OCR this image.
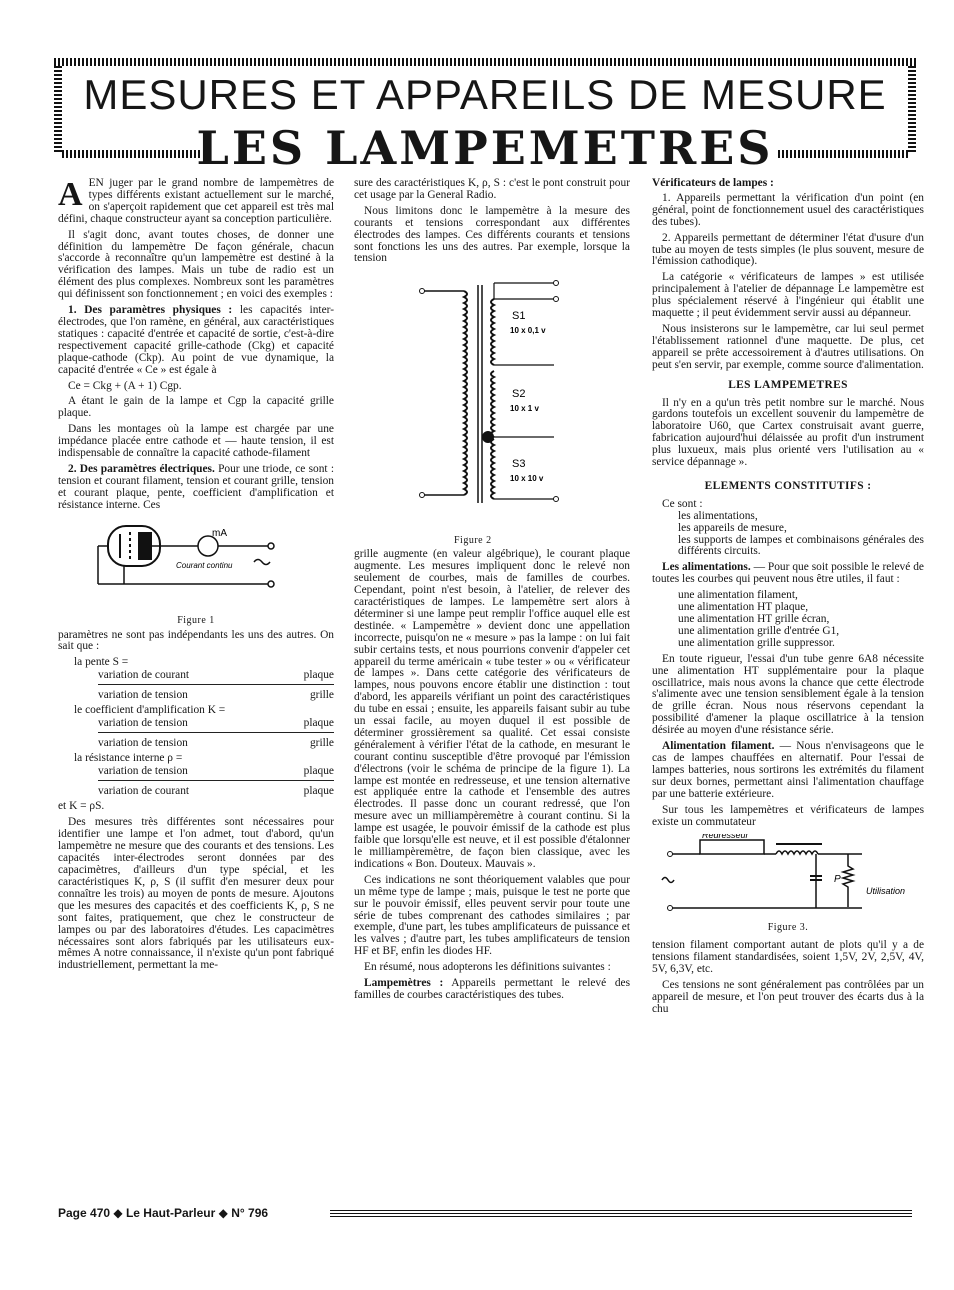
MESURES ET APPAREILS DE MESURE
LES LAMPEMETRES

AEN juger par le grand nombre de lampemètres de types différents existant actuellement sur le marché, on s'aperçoit rapidement que cet appareil est très mal défini, chaque constructeur ayant sa conception particulière.

Il s'agit donc, avant toutes choses, de donner une définition du lampemètre De façon générale, chacun s'accorde à reconnaître qu'un lampemètre est destiné à la vérification des lampes. Mais un tube de radio est un élément des plus complexes. Nombreux sont les paramètres qui définissent son fonctionnement ; en voici des exemples :

1. Des paramètres physiques : les capacités inter-électrodes, que l'on ramène, en général, aux caractéristiques statiques : capacité d'entrée et capacité de sortie, c'est-à-dire respectivement capacité grille-cathode (Ckg) et capacité plaque-cathode (Ckp). Au point de vue dynamique, la capacité d'entrée « Ce » est égale à

Ce = Ckg + (A + 1) Cgp.

A étant le gain de la lampe et Cgp la capacité grille plaque.

Dans les montages où la lampe est chargée par une impédance placée entre cathode et — haute tension, il est indispensable de connaître la capacité cathode-filament

2. Des paramètres électriques. Pour une triode, ce sont : tension et courant filament, tension et courant grille, tension et courant plaque, pente, coefficient d'amplification et résistance interne. Ces

mA
Courant continu
Figure 1

paramètres ne sont pas indépendants les uns des autres. On sait que :

la pente S =
variation de courant	plaque
variation de tension	grille
le coefficient d'amplification K =
variation de tension	plaque
variation de tension	grille
la résistance interne ρ =
variation de tension	plaque
variation de courant	plaque
et K = ρS.

Des mesures très différentes sont nécessaires pour identifier une lampe et l'on admet, tout d'abord, qu'un lampemètre ne mesure que des courants et des tensions. Les capacités inter-électrodes seront données par des capacimètres, d'ailleurs d'un type spécial, et les caractéristiques K, ρ, S (il suffit d'en mesurer deux pour connaître les trois) au moyen de ponts de mesure. Ajoutons que les mesures des capacités et des coefficients K, ρ, S ne sont faites, pratiquement, que chez le constructeur de lampes ou par des laboratoires d'études. Les capacimètres nécessaires sont alors fabriqués par les utilisateurs eux-mêmes A notre connaissance, il n'existe qu'un pont fabriqué industriellement, permettant la me-

sure des caractéristiques K, ρ, S : c'est le pont construit pour cet usage par la General Radio.

Nous limitons donc le lampemètre à la mesure des courants et tensions correspondant aux différentes électrodes des lampes. Ces différents courants et tensions sont fonctions les uns des autres. Par exemple, lorsque la tension

S1
10 x 0,1 v
S2
10 x 1 v
S3
10 x 10 v
Figure 2

grille augmente (en valeur algébrique), le courant plaque augmente. Les mesures impliquent donc le relevé non seulement de courbes, mais de familles de courbes. Cependant, point n'est besoin, à l'atelier, de relever des caractéristiques de lampes. Le lampemètre sert alors à déterminer si une lampe peut remplir l'office auquel elle est destinée. « Lampemètre » devient donc une appellation incorrecte, puisqu'on ne « mesure » pas la lampe : on lui fait subir certains tests, et nous pourrions convenir d'appeler cet appareil du terme américain « tube tester » ou « vérificateur de lampes ». Dans cette catégorie des vérificateurs de lampes, nous pouvons encore établir une distinction : tout d'abord, les appareils vérifiant un point des caractéristiques du tube en essai ; ensuite, les appareils faisant subir au tube un essai facile, au moyen duquel il est possible de déterminer grossièrement sa qualité. Cet essai consiste généralement à vérifier l'état de la cathode, en mesurant le courant continu susceptible d'être provoqué par l'émission d'électrons (voir le schéma de principe de la figure 1). La lampe est montée en redresseuse, et une tension alternative est appliquée entre la cathode et l'ensemble des autres électrodes. Il passe donc un courant redressé, que l'on mesure avec un milliampèremètre à courant continu. Si la lampe est usagée, le pouvoir émissif de la cathode est plus faible que lorsqu'elle est neuve, et il est possible d'étalonner le milliampèremètre, de façon bien classique, avec les indications « Bon. Douteux. Mauvais ».

Ces indications ne sont théoriquement valables que pour un même type de lampe ; mais, puisque le test ne porte que sur le pouvoir émissif, elles peuvent servir pour toute une série de tubes comprenant des cathodes similaires ; par exemple, d'une part, les tubes amplificateurs de puissance et les valves ; d'autre part, les tubes amplificateurs de tension HF et BF, enfin les diodes HF.

En résumé, nous adopterons les définitions suivantes :

Lampemètres : Appareils permettant le relevé des familles de courbes caractéristiques des tubes.

Vérificateurs de lampes :

1. Appareils permettant la vérification d'un point (en général, point de fonctionnement usuel des caractéristiques des tubes).

2. Appareils permettant de déterminer l'état d'usure d'un tube au moyen de tests simples (le plus souvent, mesure de l'émission cathodique).

La catégorie « vérificateurs de lampes » est utilisée principalement à l'atelier de dépannage Le lampemètre est plus spécialement réservé à l'ingénieur qui établit une maquette ; il peut évidemment servir aussi au dépanneur.

Nous insisterons sur le lampemètre, car lui seul permet l'établissement rationnel d'une maquette. De plus, cet appareil se prête accessoirement à d'autres utilisations. On peut s'en servir, par exemple, comme source d'alimentation.

LES LAMPEMETRES

Il n'y en a qu'un très petit nombre sur le marché. Nous gardons toutefois un excellent souvenir du lampemètre de laboratoire U60, que Cartex construisait avant guerre, fabrication aujourd'hui délaissée au profit d'un instrument plus luxueux, mais plus orienté vers l'utilisation au « service dépannage ».

ELEMENTS CONSTITUTIFS :

Ce sont :

les alimentations,
les appareils de mesure,
les supports de lampes et combinaisons générales des différents circuits.

Les alimentations. — Pour que soit possible le relevé de toutes les courbes qui peuvent nous être utiles, il faut :

une alimentation filament,
une alimentation HT plaque,
une alimentation HT grille écran,
une alimentation grille d'entrée G1,
une alimentation grille suppressor.

En toute rigueur, l'essai d'un tube genre 6A8 nécessite une alimentation HT supplémentaire pour la plaque oscillatrice, mais nous avons la chance que cette électrode s'alimente avec une tension sensiblement égale à la tension de grille écran. Nous nous réservons cependant la possibilité d'amener la plaque oscillatrice à la tension désirée au moyen d'une résistance série.

Alimentation filament. — Nous n'envisageons que le cas de lampes chauffées en alternatif. Pour l'essai de lampes batteries, nous sortirons les extrémités du filament sur deux bornes, permettant ainsi l'alimentation chauffage par une batterie extérieure.

Sur tous les lampemètres et vérificateurs de lampes existe un commutateur

Redresseur
P
Utilisation
Figure 3.

tension filament comportant autant de plots qu'il y a de tensions filament standardisées, soient 1,5V, 2V, 2,5V, 4V, 5V, 6,3V, etc.

Ces tensions ne sont généralement pas contrôlées par un appareil de mesure, et l'on peut trouver des écarts dus à la chu

Page 470 ◆ Le Haut-Parleur ◆ N° 796
